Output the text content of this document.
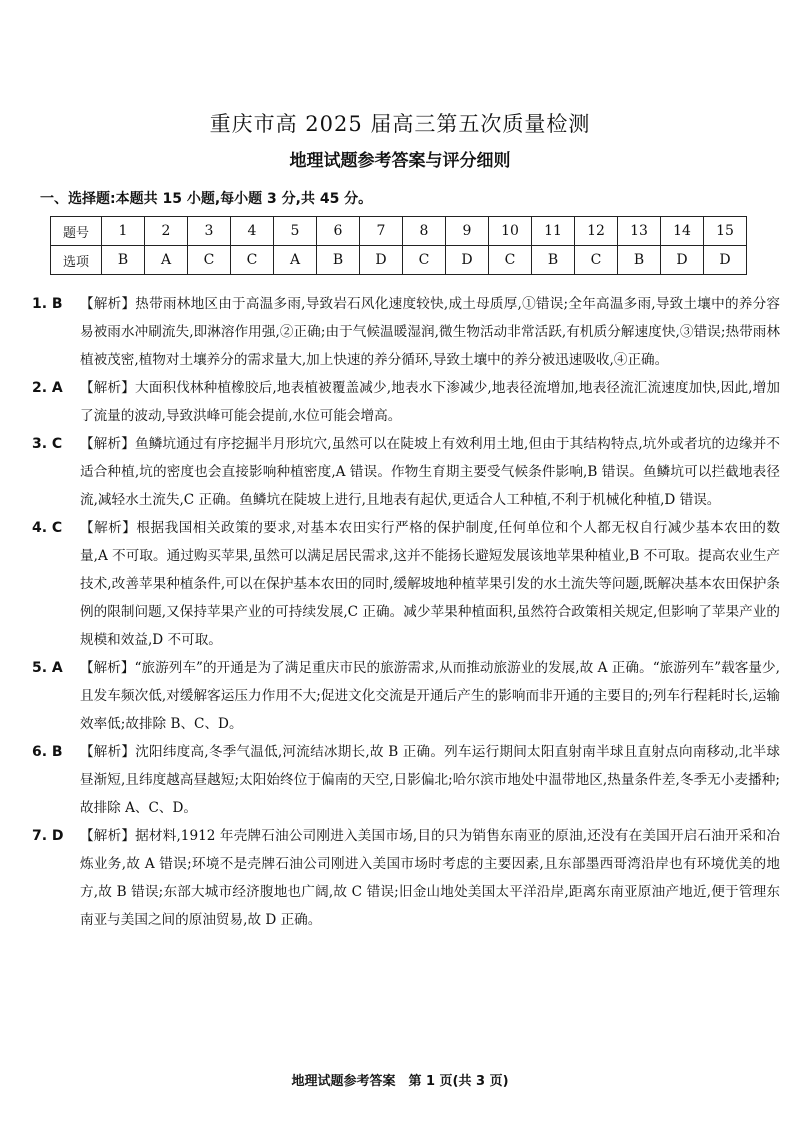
重庆市高 2025 届高三第五次质量检测
地理试题参考答案与评分细则
一、选择题:本题共 15 小题,每小题 3 分,共 45 分。
题号	1	2	3	4	5	6	7	8	9	10	11	12	13	14	15
选项	B	A	C	C	A	B	D	C	D	C	B	C	B	D	D

1. B	【解析】热带雨林地区由于高温多雨,导致岩石风化速度较快,成土母质厚,①错误;全年高温多雨,导致土壤中的养分容易被雨水冲刷流失,即淋溶作用强,②正确;由于气候温暖湿润,微生物活动非常活跃,有机质分解速度快,③错误;热带雨林植被茂密,植物对土壤养分的需求量大,加上快速的养分循环,导致土壤中的养分被迅速吸收,④正确。

2. A	【解析】大面积伐林种植橡胶后,地表植被覆盖减少,地表水下渗减少,地表径流增加,地表径流汇流速度加快,因此,增加了流量的波动,导致洪峰可能会提前,水位可能会增高。

3. C	【解析】鱼鳞坑通过有序挖掘半月形坑穴,虽然可以在陡坡上有效利用土地,但由于其结构特点,坑外或者坑的边缘并不适合种植,坑的密度也会直接影响种植密度,A 错误。作物生育期主要受气候条件影响,B 错误。鱼鳞坑可以拦截地表径流,减轻水土流失,C 正确。鱼鳞坑在陡坡上进行,且地表有起伏,更适合人工种植,不利于机械化种植,D 错误。

4. C	【解析】根据我国相关政策的要求,对基本农田实行严格的保护制度,任何单位和个人都无权自行减少基本农田的数量,A 不可取。通过购买苹果,虽然可以满足居民需求,这并不能扬长避短发展该地苹果种植业,B 不可取。提高农业生产技术,改善苹果种植条件,可以在保护基本农田的同时,缓解坡地种植苹果引发的水土流失等问题,既解决基本农田保护条例的限制问题,又保持苹果产业的可持续发展,C 正确。减少苹果种植面积,虽然符合政策相关规定,但影响了苹果产业的规模和效益,D 不可取。

5. A	【解析】“旅游列车”的开通是为了满足重庆市民的旅游需求,从而推动旅游业的发展,故 A 正确。“旅游列车”载客量少,且发车频次低,对缓解客运压力作用不大;促进文化交流是开通后产生的影响而非开通的主要目的;列车行程耗时长,运输效率低;故排除 B、C、D。

6. B	【解析】沈阳纬度高,冬季气温低,河流结冰期长,故 B 正确。列车运行期间太阳直射南半球且直射点向南移动,北半球昼渐短,且纬度越高昼越短;太阳始终位于偏南的天空,日影偏北;哈尔滨市地处中温带地区,热量条件差,冬季无小麦播种;故排除 A、C、D。

7. D	【解析】据材料,1912 年壳牌石油公司刚进入美国市场,目的只为销售东南亚的原油,还没有在美国开启石油开采和冶炼业务,故 A 错误;环境不是壳牌石油公司刚进入美国市场时考虑的主要因素,且东部墨西哥湾沿岸也有环境优美的地方,故 B 错误;东部大城市经济腹地也广阔,故 C 错误;旧金山地处美国太平洋沿岸,距离东南亚原油产地近,便于管理东南亚与美国之间的原油贸易,故 D 正确。

地理试题参考答案　第 1 页(共 3 页)
